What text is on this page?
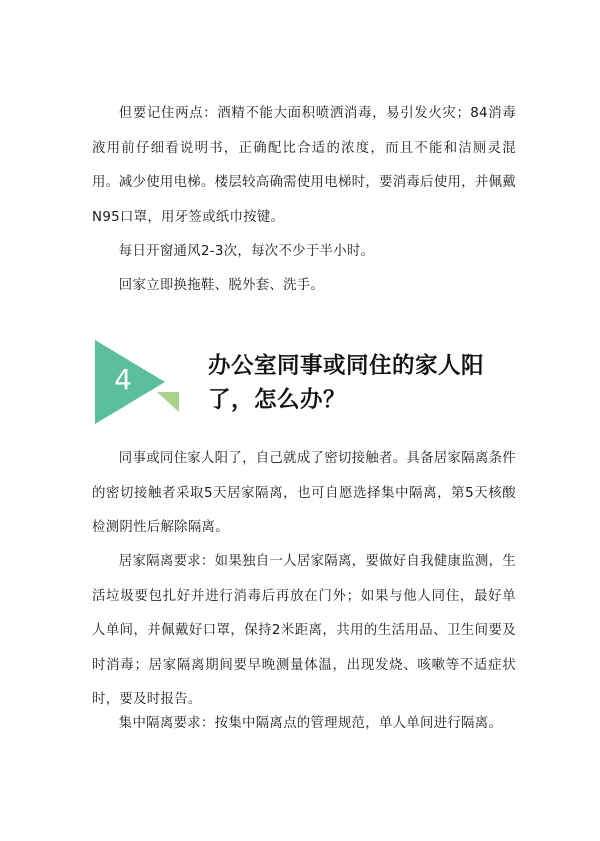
但要记住两点：酒精不能大面积喷洒消毒，易引发火灾；84消毒液用前仔细看说明书，正确配比合适的浓度，而且不能和洁厕灵混用。 减少使用电梯。楼层较高确需使用电梯时，要消毒后使用，并佩戴N95口罩，用牙签或纸巾按键。

每日开窗通风2-3次，每次不少于半小时。

回家立即换拖鞋、脱外套、洗手。

4	办公室同事或同住的家人阳了，怎么办？

同事或同住家人阳了，自己就成了密切接触者。具备居家隔离条件的密切接触者采取5天居家隔离，也可自愿选择集中隔离，第5天核酸检测阴性后解除隔离。

居家隔离要求：如果独自一人居家隔离，要做好自我健康监测，生活垃圾要包扎好并进行消毒后再放在门外；如果与他人同住，最好单人单间，并佩戴好口罩，保持2米距离，共用的生活用品、卫生间要及时消毒；居家隔离期间要早晚测量体温，出现发烧、咳嗽等不适症状时，要及时报告。

集中隔离要求：按集中隔离点的管理规范，单人单间进行隔离。
